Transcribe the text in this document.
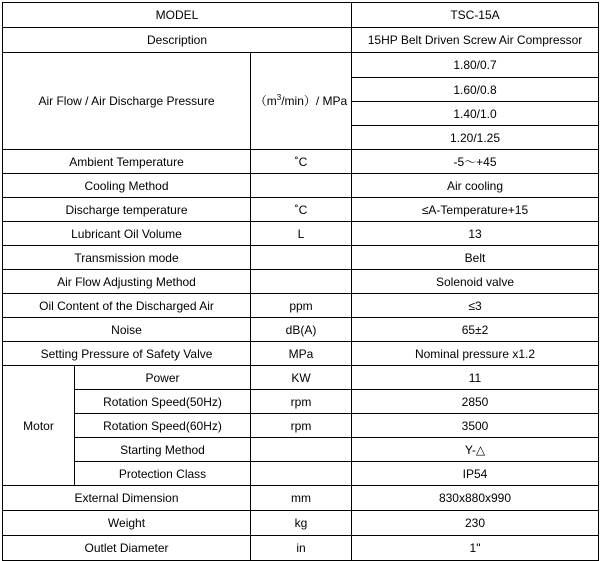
MODEL			TSC-15A
Description			15HP Belt Driven Screw Air Compressor
Air Flow / Air Discharge Pressure		$(m^3/\min)/$ MPa	1.80/0.7
			1.60/0.8
			1.40/1.0
			1.20/1.25
Ambient Temperature		˚C	-5～+45
Cooling Method			Air cooling
Discharge temperature		˚C	≤A-Temperature+15
Lubricant Oil Volume		L	13
Transmission mode			Belt
Air Flow Adjusting Method			Solenoid valve
Oil Content of the Discharged Air		ppm	≤3
Noise		dB(A)	65±2
Setting Pressure of Safety Valve		MPa	Nominal pressure x1.2
Motor	Power	KW	11
	Rotation Speed(50Hz)	rpm	2850
	Rotation Speed(60Hz)	rpm	3500
	Starting Method		Y-△
	Protection Class		IP54
External Dimension		mm	830x880x990
Weight		kg	230
Outlet Diameter		in	1"
